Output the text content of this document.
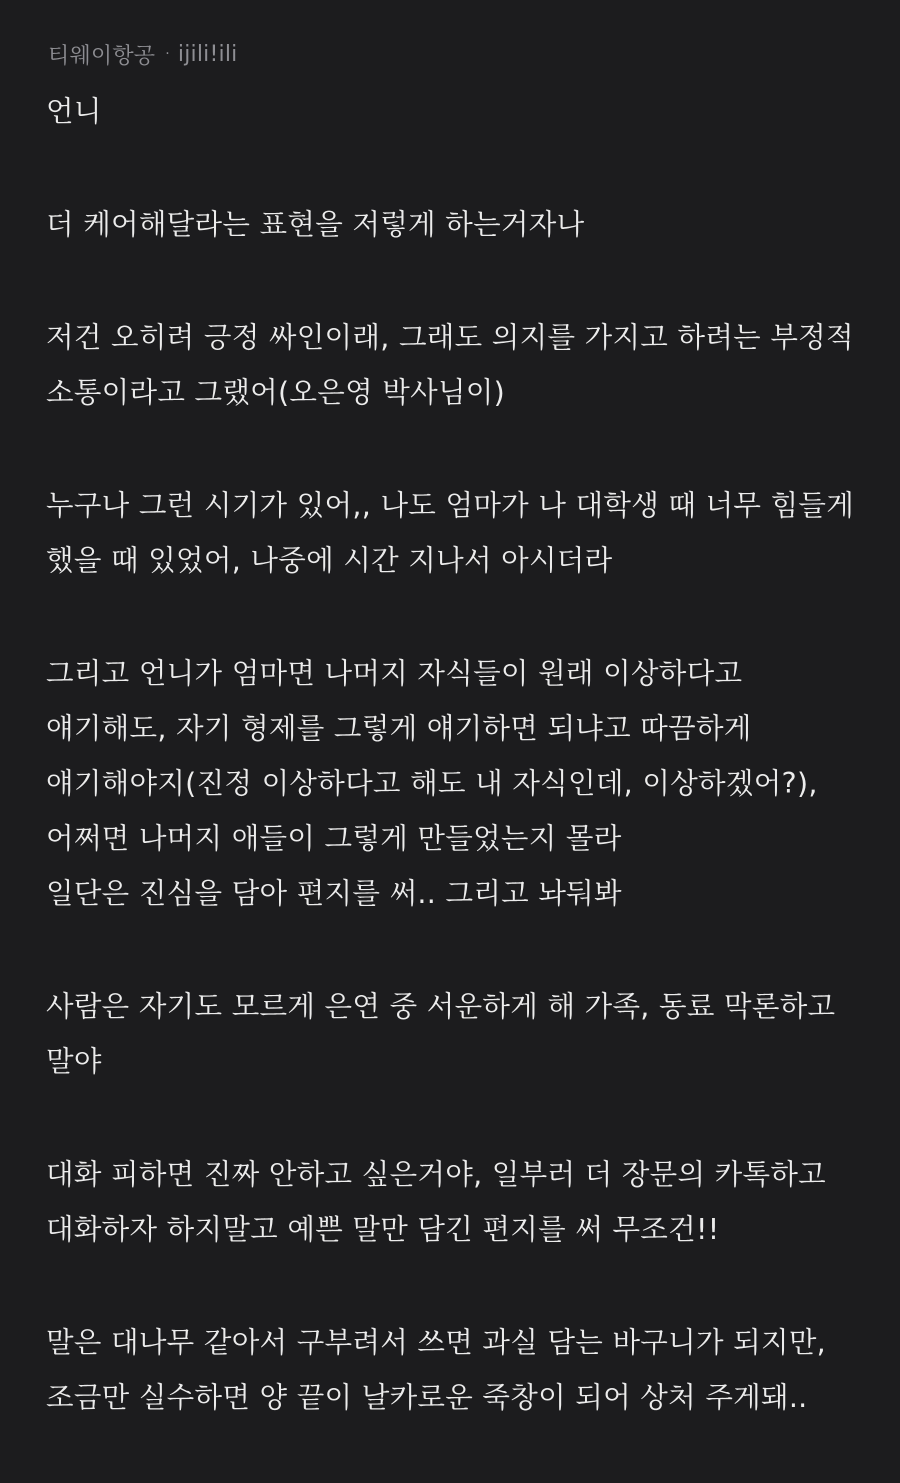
티웨이항공 · ijili!ili
언니
더 케어해달라는 표현을 저렇게 하는거자나
저건 오히려 긍정 싸인이래, 그래도 의지를 가지고 하려는 부정적
소통이라고 그랬어(오은영 박사님이)
누구나 그런 시기가 있어,, 나도 엄마가 나 대학생 때 너무 힘들게
했을 때 있었어, 나중에 시간 지나서 아시더라
그리고 언니가 엄마면 나머지 자식들이 원래 이상하다고
얘기해도, 자기 형제를 그렇게 얘기하면 되냐고 따끔하게
얘기해야지(진정 이상하다고 해도 내 자식인데, 이상하겠어?),
어쩌면 나머지 애들이 그렇게 만들었는지 몰라
일단은 진심을 담아 편지를 써.. 그리고 놔둬봐
사람은 자기도 모르게 은연 중 서운하게 해 가족, 동료 막론하고
말야
대화 피하면 진짜 안하고 싶은거야, 일부러 더 장문의 카톡하고
대화하자 하지말고 예쁜 말만 담긴 편지를 써 무조건!!
말은 대나무 같아서 구부려서 쓰면 과실 담는 바구니가 되지만,
조금만 실수하면 양 끝이 날카로운 죽창이 되어 상처 주게돼..
